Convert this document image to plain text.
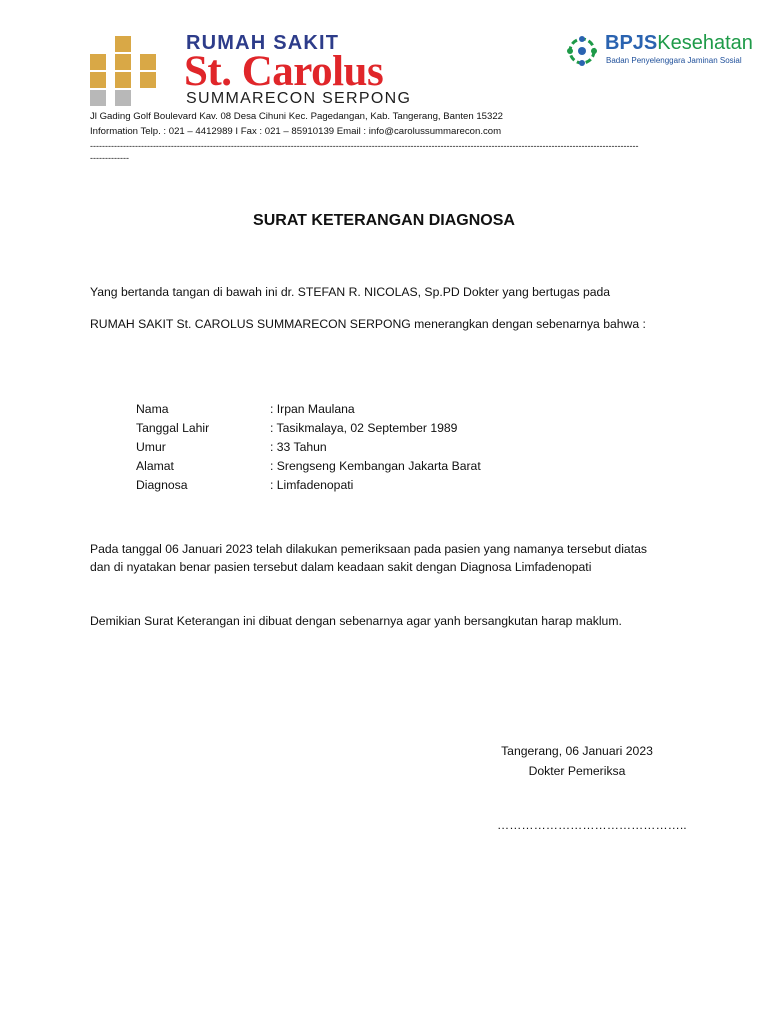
RUMAH SAKIT
St. Carolus
SUMMARECON SERPONG
Jl Gading Golf Boulevard Kav. 08 Desa Cihuni Kec. Pagedangan, Kab. Tangerang, Banten 15322
Information Telp. : 021 – 4412989 I Fax : 021 – 85910139 Email : info@carolussummarecon.com
---------------------------------------------------------------------------------------------------------------------------------------------------------------------------------------
-------------
BPJSKesehatan
Badan Penyelenggara Jaminan Sosial
SURAT KETERANGAN DIAGNOSA
Yang bertanda tangan di bawah ini dr. STEFAN R. NICOLAS, Sp.PD Dokter yang bertugas pada
RUMAH SAKIT St. CAROLUS SUMMARECON SERPONG menerangkan dengan sebenarnya bahwa :
Nama	: Irpan Maulana
Tanggal Lahir	: Tasikmalaya, 02 September 1989
Umur	: 33 Tahun
Alamat	: Srengseng Kembangan Jakarta Barat
Diagnosa	: Limfadenopati
Pada tanggal 06 Januari 2023 telah dilakukan pemeriksaan pada pasien yang namanya tersebut diatas
dan di nyatakan benar pasien tersebut dalam keadaan sakit dengan Diagnosa Limfadenopati
Demikian Surat Keterangan ini dibuat dengan sebenarnya agar yanh bersangkutan harap maklum.
Tangerang, 06 Januari 2023
Dokter Pemeriksa
………………………………………..
